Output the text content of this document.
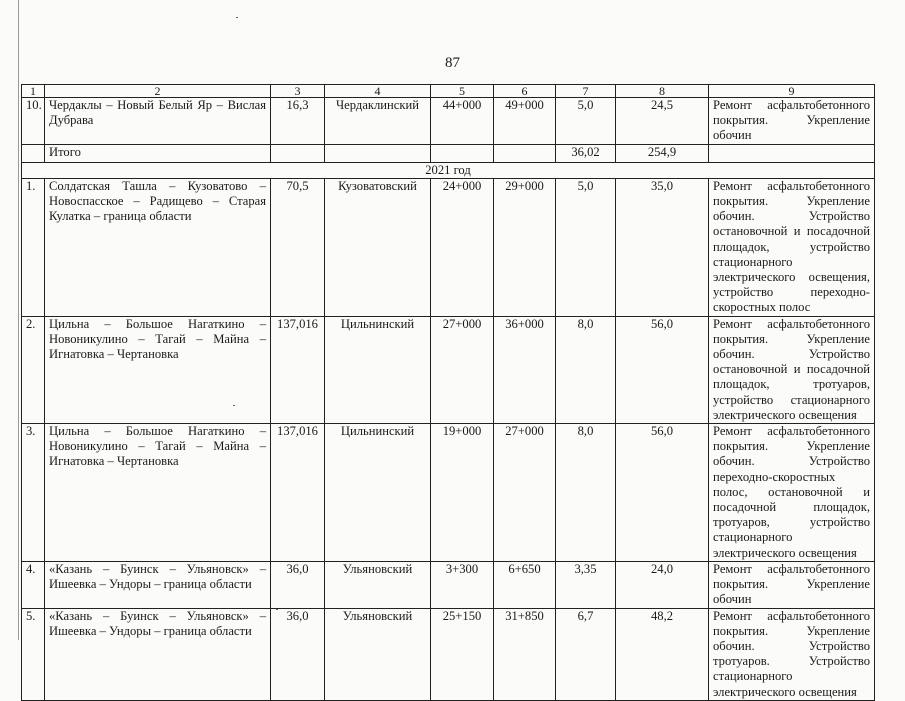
87
1	2	3	4	5	6	7	8	9
10.	Чердаклы – Новый Белый Яр – Вислая Дубрава	16,3	Чердаклинский	44+000	49+000	5,0	24,5	Ремонт асфальтобетонного покрытия. Укрепление обочин
	Итого					36,02	254,9	
2021 год								
1.	Солдатская Ташла – Кузоватово – Новоспасское – Радищево – Старая Кулатка – граница области	70,5	Кузоватовский	24+000	29+000	5,0	35,0	Ремонт асфальтобетонного покрытия. Укрепление обочин. Устройство остановочной и посадочной площадок, устройство стационарного электрического освещения, устройство переходно-скоростных полос
2.	Цильна – Большое Нагаткино – Новоникулино – Тагай – Майна – Игнатовка – Чертановка	137,016	Цильнинский	27+000	36+000	8,0	56,0	Ремонт асфальтобетонного покрытия. Укрепление обочин. Устройство остановочной и посадочной площадок, тротуаров, устройство стационарного электрического освещения
3.	Цильна – Большое Нагаткино – Новоникулино – Тагай – Майна – Игнатовка – Чертановка	137,016	Цильнинский	19+000	27+000	8,0	56,0	Ремонт асфальтобетонного покрытия. Укрепление обочин. Устройство переходно-скоростных полос, остановочной и посадочной площадок, тротуаров, устройство стационарного электрического освещения
4.	«Казань – Буинск – Ульяновск» – Ишеевка – Ундоры – граница области	36,0	Ульяновский	3+300	6+650	3,35	24,0	Ремонт асфальтобетонного покрытия. Укрепление обочин
5.	«Казань – Буинск – Ульяновск» – Ишеевка – Ундоры – граница области	36,0	Ульяновский	25+150	31+850	6,7	48,2	Ремонт асфальтобетонного покрытия. Укрепление обочин. Устройство тротуаров. Устройство стационарного электрического освещения
